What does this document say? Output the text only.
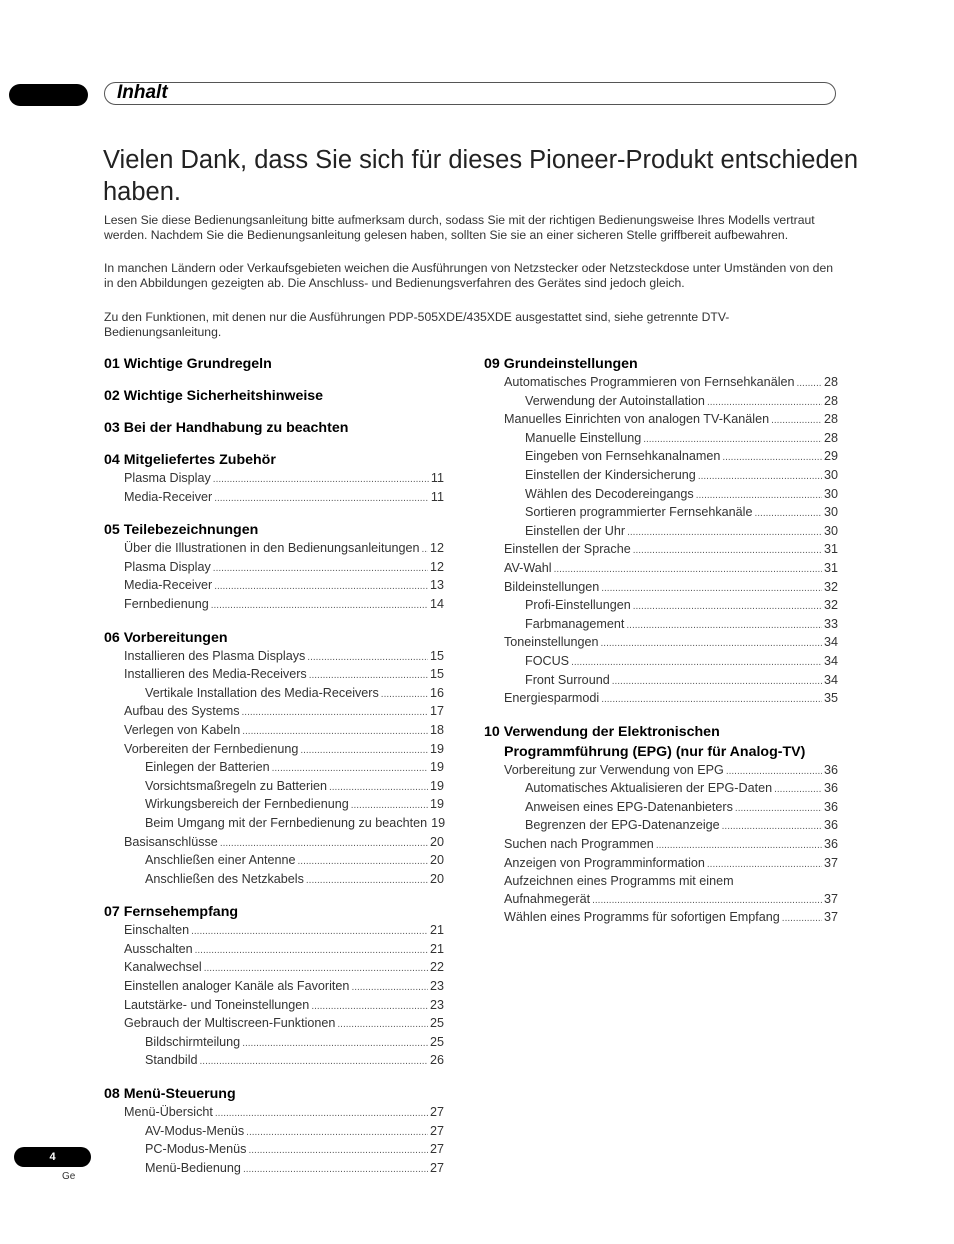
Inhalt
Vielen Dank, dass Sie sich für dieses Pioneer-Produkt entschieden haben.
Lesen Sie diese Bedienungsanleitung bitte aufmerksam durch, sodass Sie mit der richtigen Bedienungsweise Ihres Modells vertraut werden. Nachdem Sie die Bedienungsanleitung gelesen haben, sollten Sie sie an einer sicheren Stelle griffbereit aufbewahren.
In manchen Ländern oder Verkaufsgebieten weichen die Ausführungen von Netzstecker oder Netzsteckdose unter Umständen von den in den Abbildungen gezeigten ab. Die Anschluss- und Bedienungsverfahren des Gerätes sind jedoch gleich.
Zu den Funktionen, mit denen nur die Ausführungen PDP-505XDE/435XDE ausgestattet sind, siehe getrennte DTV-Bedienungsanleitung.
01 Wichtige Grundregeln
02 Wichtige Sicherheitshinweise
03 Bei der Handhabung zu beachten
04 Mitgeliefertes Zubehör
Plasma Display .....	11
Media-Receiver .....	11
05 Teilebezeichnungen
Über die Illustrationen in den Bedienungsanleitungen ..... 12
Plasma Display .....	12
Media-Receiver .....	13
Fernbedienung .....	14
06 Vorbereitungen
Installieren des Plasma Displays .....	15
Installieren des Media-Receivers .....	15
Vertikale Installation des Media-Receivers .....	16
Aufbau des Systems .....	17
Verlegen von Kabeln .....	18
Vorbereiten der Fernbedienung .....	19
Einlegen der Batterien .....	19
Vorsichtsmaßregeln zu Batterien .....	19
Wirkungsbereich der Fernbedienung .....	19
Beim Umgang mit der Fernbedienung zu beachten 19
Basisanschlüsse .....	20
Anschließen einer Antenne .....	20
Anschließen des Netzkabels .....	20
07 Fernsehempfang
Einschalten .....	21
Ausschalten .....	21
Kanalwechsel .....	22
Einstellen analoger Kanäle als Favoriten .....	23
Lautstärke- und Toneinstellungen .....	23
Gebrauch der Multiscreen-Funktionen .....	25
Bildschirmteilung .....	25
Standbild .....	26
08 Menü-Steuerung
Menü-Übersicht .....	27
AV-Modus-Menüs .....	27
PC-Modus-Menüs .....	27
Menü-Bedienung .....	27
09 Grundeinstellungen
Automatisches Programmieren von Fernsehkanälen ..... 28
Verwendung der Autoinstallation .....	28
Manuelles Einrichten von analogen TV-Kanälen .....	28
Manuelle Einstellung .....	28
Eingeben von Fernsehkanalnamen .....	29
Einstellen der Kindersicherung .....	30
Wählen des Decodereingangs .....	30
Sortieren programmierter Fernsehkanäle .....	30
Einstellen der Uhr .....	30
Einstellen der Sprache .....	31
AV-Wahl .....	31
Bildeinstellungen .....	32
Profi-Einstellungen .....	32
Farbmanagement .....	33
Toneinstellungen .....	34
FOCUS .....	34
Front Surround .....	34
Energiesparmodi .....	35
10 Verwendung der Elektronischen
Programmführung (EPG) (nur für Analog-TV)
Vorbereitung zur Verwendung von EPG .....	36
Automatisches Aktualisieren der EPG-Daten .....	36
Anweisen eines EPG-Datenanbieters .....	36
Begrenzen der EPG-Datenanzeige .....	36
Suchen nach Programmen .....	36
Anzeigen von Programminformation .....	37
Aufzeichnen eines Programms mit einem
Aufnahmegerät .....	37
Wählen eines Programms für sofortigen Empfang .....	37
4
Ge
